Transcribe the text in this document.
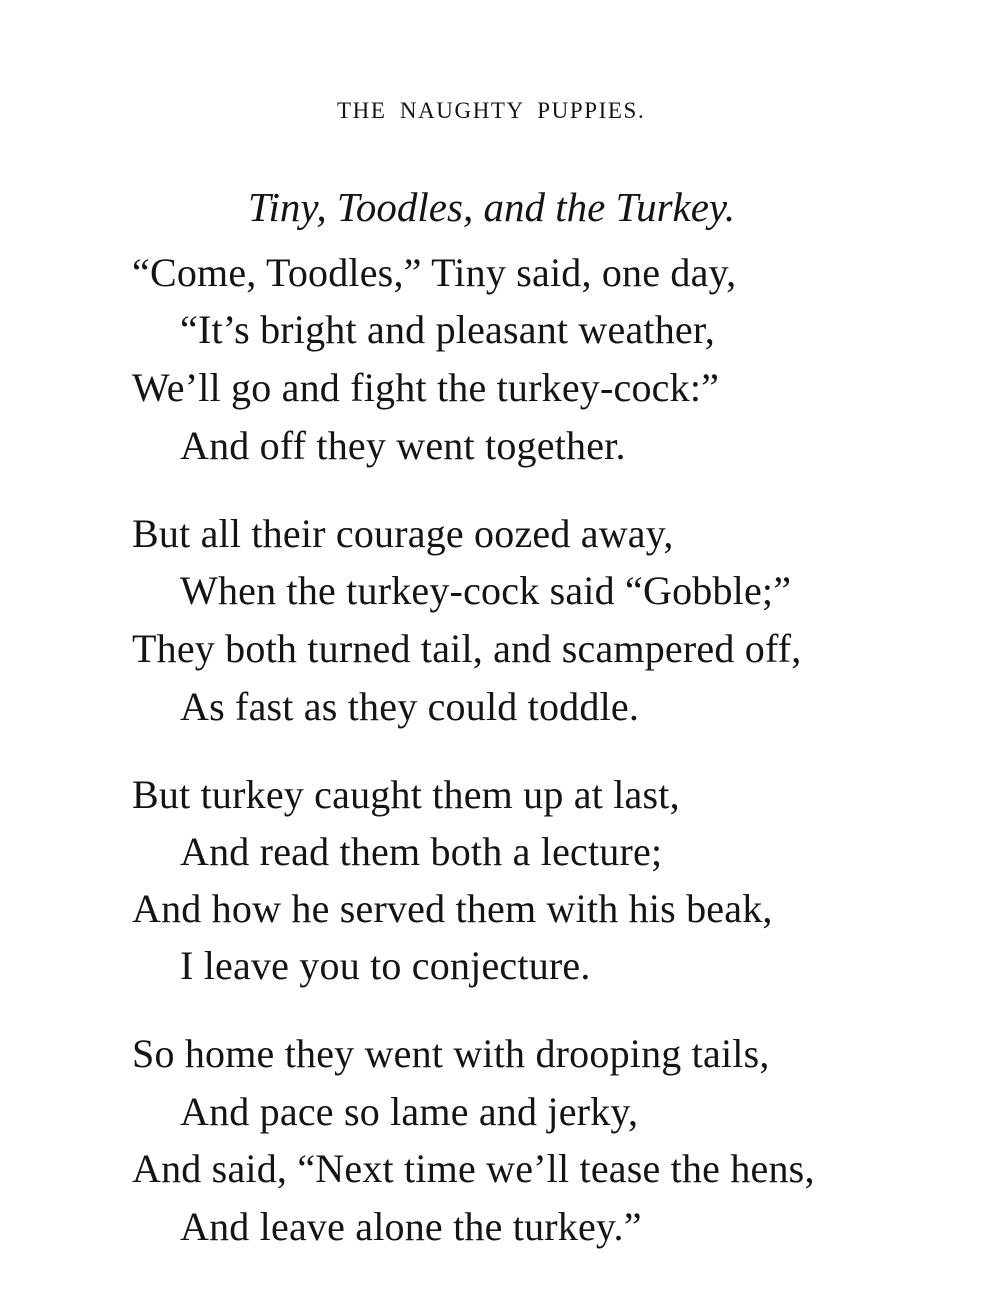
THE NAUGHTY PUPPIES.
Tiny, Toodles, and the Turkey.
“Come, Toodles,” Tiny said, one day,
“It’s bright and pleasant weather,
We’ll go and fight the turkey-cock:”
And off they went together.
But all their courage oozed away,
When the turkey-cock said “Gobble;”
They both turned tail, and scampered off,
As fast as they could toddle.
But turkey caught them up at last,
And read them both a lecture;
And how he served them with his beak,
I leave you to conjecture.
So home they went with drooping tails,
And pace so lame and jerky,
And said, “Next time we’ll tease the hens,
And leave alone the turkey.”
